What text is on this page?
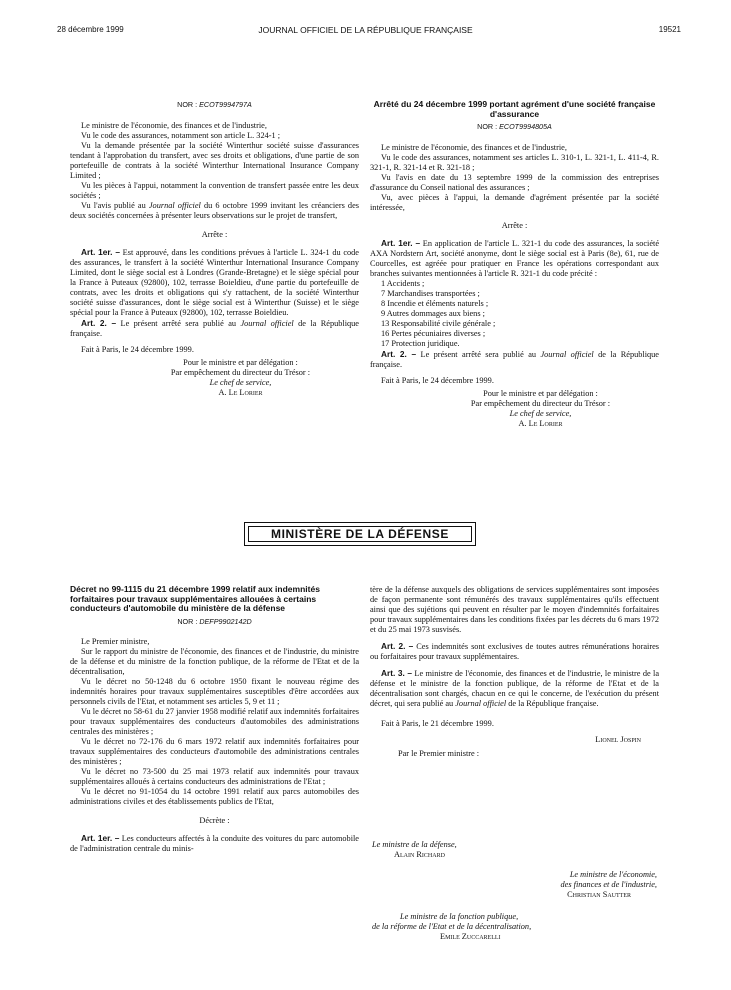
28 décembre 1999	JOURNAL OFFICIEL DE LA RÉPUBLIQUE FRANÇAISE	19521

NOR : ECOT9994797A

Le ministre de l'économie, des finances et de l'industrie,

Vu le code des assurances, notamment son article L. 324-1 ;

Vu la demande présentée par la société Winterthur société suisse d'assurances tendant à l'approbation du transfert, avec ses droits et obligations, d'une partie de son portefeuille de contrats à la société Winterthur International Insurance Company Limited ;

Vu les pièces à l'appui, notamment la convention de transfert passée entre les deux sociétés ;

Vu l'avis publié au Journal officiel du 6 octobre 1999 invitant les créanciers des deux sociétés concernées à présenter leurs observations sur le projet de transfert,

Arrête :

Art. 1er. – Est approuvé, dans les conditions prévues à l'article L. 324-1 du code des assurances, le transfert à la société Winterthur International Insurance Company Limited, dont le siège social est à Londres (Grande-Bretagne) et le siège spécial pour la France à Puteaux (92800), 102, terrasse Boieldieu, d'une partie du portefeuille de contrats, avec les droits et obligations qui s'y rattachent, de la société Winterthur société suisse d'assurances, dont le siège social est à Winterthur (Suisse) et le siège spécial pour la France à Puteaux (92800), 102, terrasse Boieldieu.

Art. 2. – Le présent arrêté sera publié au Journal officiel de la République française.

Fait à Paris, le 24 décembre 1999.

Pour le ministre et par délégation :
Par empêchement du directeur du Trésor :
Le chef de service,
A. Le Lorier

Arrêté du 24 décembre 1999 portant agrément d'une société française d'assurance

NOR : ECOT9994805A

Le ministre de l'économie, des finances et de l'industrie,

Vu le code des assurances, notamment ses articles L. 310-1, L. 321-1, L. 411-4, R. 321-1, R. 321-14 et R. 321-18 ;

Vu l'avis en date du 13 septembre 1999 de la commission des entreprises d'assurance du Conseil national des assurances ;

Vu, avec pièces à l'appui, la demande d'agrément présentée par la société intéressée,

Arrête :

Art. 1er. – En application de l'article L. 321-1 du code des assurances, la société AXA Nordstern Art, société anonyme, dont le siège social est à Paris (8e), 61, rue de Courcelles, est agréée pour pratiquer en France les opérations correspondant aux branches suivantes mentionnées à l'article R. 321-1 du code précité :

1 Accidents ;

7 Marchandises transportées ;

8 Incendie et éléments naturels ;

9 Autres dommages aux biens ;

13 Responsabilité civile générale ;

16 Pertes pécuniaires diverses ;

17 Protection juridique.

Art. 2. – Le présent arrêté sera publié au Journal officiel de la République française.

Fait à Paris, le 24 décembre 1999.

Pour le ministre et par délégation :
Par empêchement du directeur du Trésor :
Le chef de service,
A. Le Lorier
MINISTÈRE DE LA DÉFENSE

Décret no 99-1115 du 21 décembre 1999 relatif aux indemnités forfaitaires pour travaux supplémentaires allouées à certains conducteurs d'automobile du ministère de la défense

NOR : DEFP9902142D

Le Premier ministre,

Sur le rapport du ministre de l'économie, des finances et de l'industrie, du ministre de la défense et du ministre de la fonction publique, de la réforme de l'Etat et de la décentralisation,

Vu le décret no 50-1248 du 6 octobre 1950 fixant le nouveau régime des indemnités horaires pour travaux supplémentaires susceptibles d'être accordées aux personnels civils de l'Etat, et notamment ses articles 5, 9 et 11 ;

Vu le décret no 58-61 du 27 janvier 1958 modifié relatif aux indemnités forfaitaires pour travaux supplémentaires des conducteurs d'automobiles des administrations centrales des ministères ;

Vu le décret no 72-176 du 6 mars 1972 relatif aux indemnités forfaitaires pour travaux supplémentaires des conducteurs d'automobile des administrations centrales des ministères ;

Vu le décret no 73-500 du 25 mai 1973 relatif aux indemnités pour travaux supplémentaires alloués à certains conducteurs des administrations de l'Etat ;

Vu le décret no 91-1054 du 14 octobre 1991 relatif aux parcs automobiles des administrations civiles et des établissements publics de l'Etat,

Décrète :

Art. 1er. – Les conducteurs affectés à la conduite des voitures du parc automobile de l'administration centrale du minis-

tère de la défense auxquels des obligations de services supplémentaires sont imposées de façon permanente sont rémunérés des travaux supplémentaires qu'ils effectuent ainsi que des sujétions qui peuvent en résulter par le moyen d'indemnités forfaitaires pour travaux supplémentaires dans les conditions fixées par les décrets du 6 mars 1972 et du 25 mai 1973 susvisés.

Art. 2. – Ces indemnités sont exclusives de toutes autres rémunérations horaires ou forfaitaires pour travaux supplémentaires.

Art. 3. – Le ministre de l'économie, des finances et de l'industrie, le ministre de la défense et le ministre de la fonction publique, de la réforme de l'Etat et de la décentralisation sont chargés, chacun en ce qui le concerne, de l'exécution du présent décret, qui sera publié au Journal officiel de la République française.

Fait à Paris, le 21 décembre 1999.

Lionel Jospin
Par le Premier ministre :
Le ministre de la défense,
Alain Richard
Le ministre de l'économie,
des finances et de l'industrie,
Christian Sautter
Le ministre de la fonction publique,
de la réforme de l'Etat et de la décentralisation,
Emile Zuccarelli
